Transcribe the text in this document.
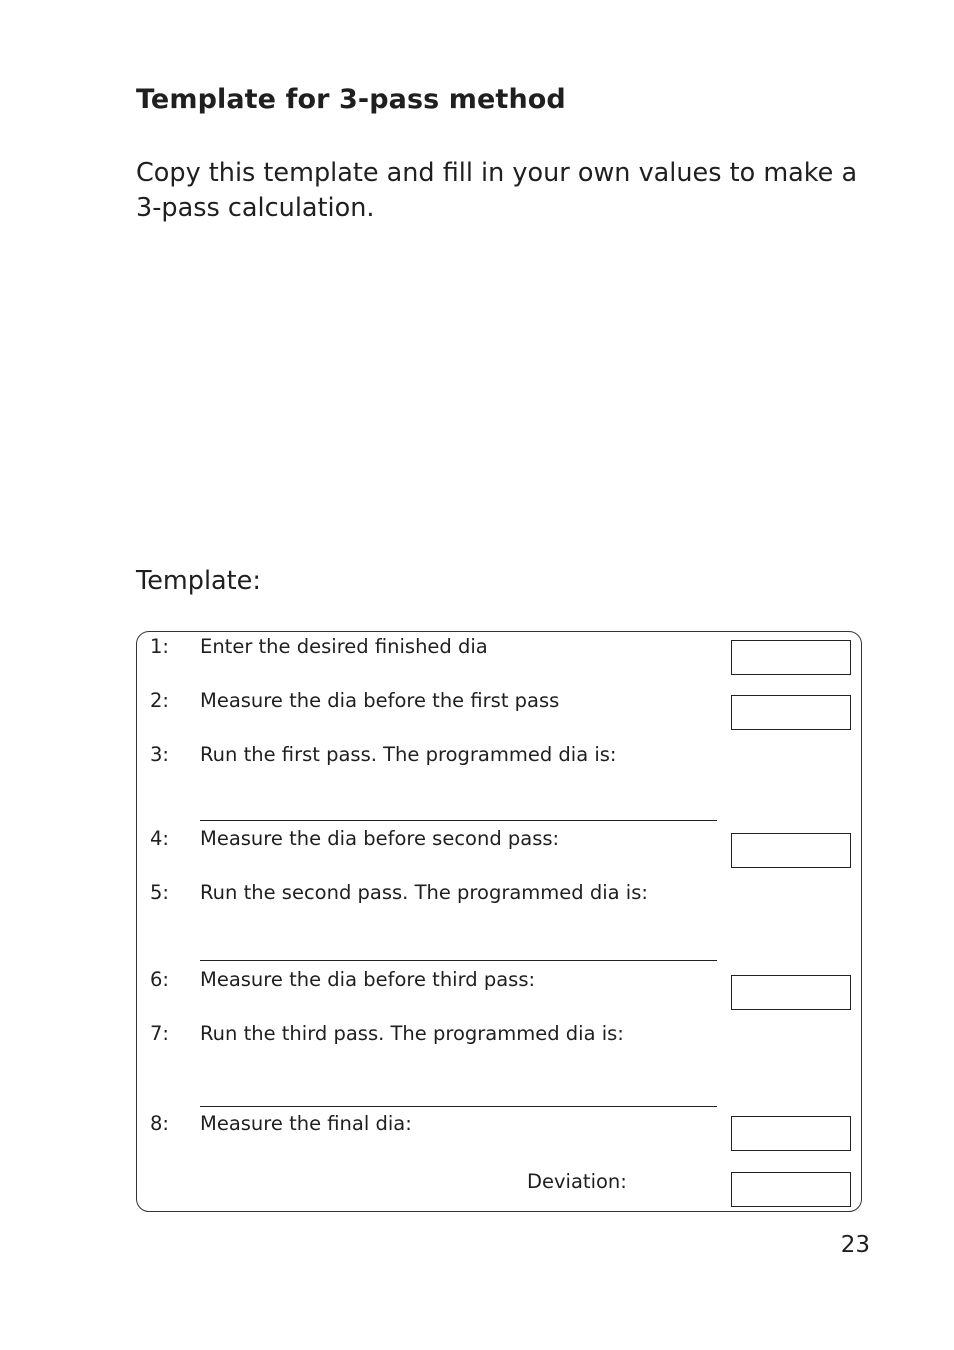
Template for 3-pass method

Copy this template and fill in your own values to make a 3-pass calculation.

Template:

1: Enter the desired finished dia
2: Measure the dia before the first pass
3: Run the first pass. The programmed dia is:
4: Measure the dia before second pass:
5: Run the second pass. The programmed dia is:
6: Measure the dia before third pass:
7: Run the third pass. The programmed dia is:
8: Measure the final dia:
Deviation:
23
